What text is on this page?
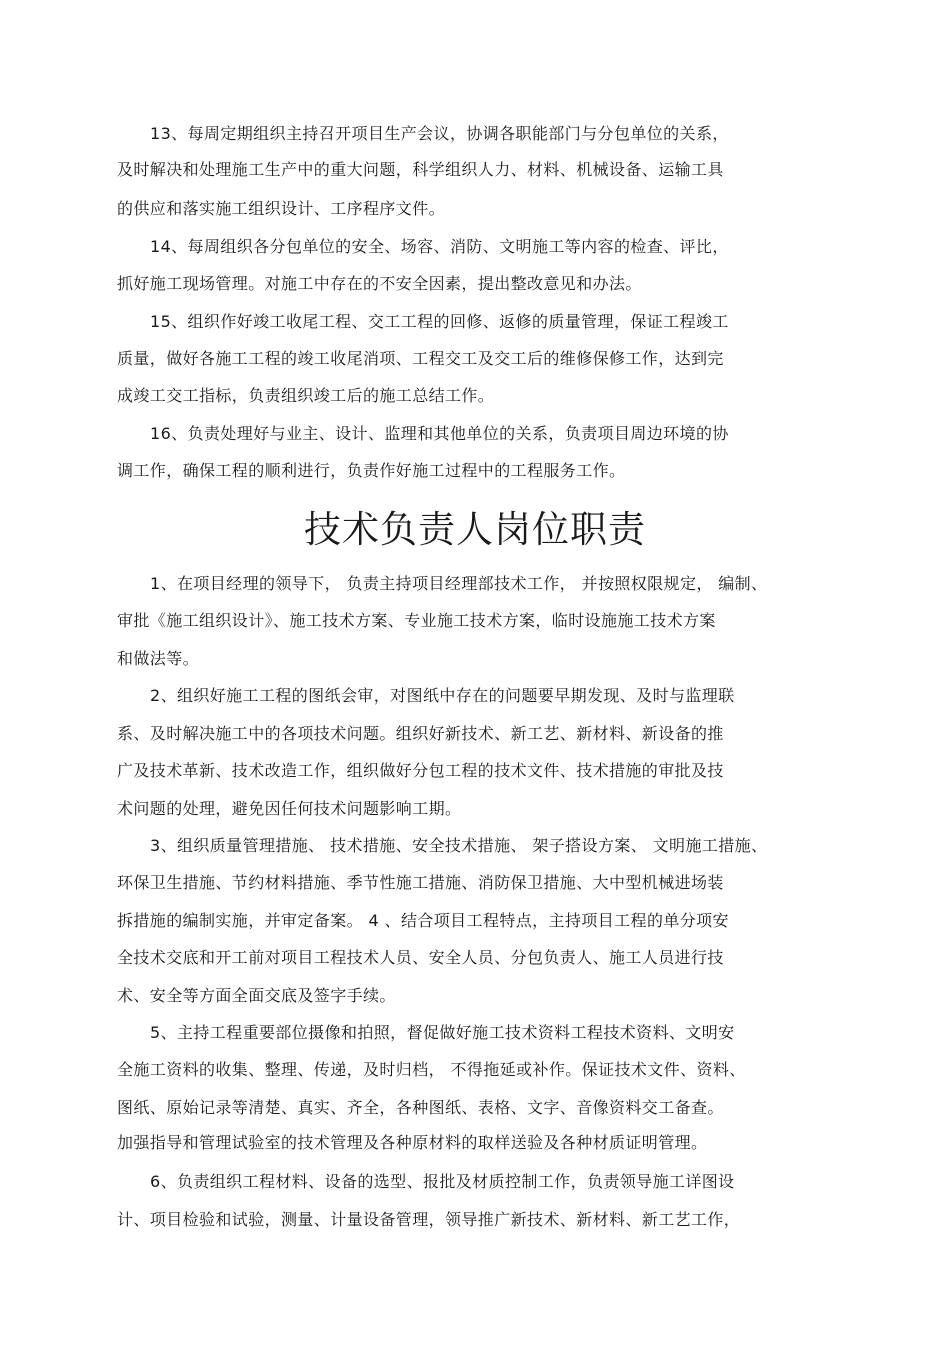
13、每周定期组织主持召开项目生产会议，协调各职能部门与分包单位的关系，
及时解决和处理施工生产中的重大问题，科学组织人力、材料、机械设备、运输工具
的供应和落实施工组织设计、工序程序文件。
14、每周组织各分包单位的安全、场容、消防、文明施工等内容的检查、评比，
抓好施工现场管理。对施工中存在的不安全因素，提出整改意见和办法。
15、组织作好竣工收尾工程、交工工程的回修、返修的质量管理，保证工程竣工
质量，做好各施工工程的竣工收尾消项、工程交工及交工后的维修保修工作，达到完
成竣工交工指标，负责组织竣工后的施工总结工作。
16、负责处理好与业主、设计、监理和其他单位的关系，负责项目周边环境的协
调工作，确保工程的顺利进行，负责作好施工过程中的工程服务工作。
技术负责人岗位职责
1、在项目经理的领导下， 负责主持项目经理部技术工作， 并按照权限规定， 编制、
审批《施工组织设计》、施工技术方案、专业施工技术方案，临时设施施工技术方案
和做法等。
2、组织好施工工程的图纸会审，对图纸中存在的问题要早期发现、及时与监理联
系、及时解决施工中的各项技术问题。组织好新技术、新工艺、新材料、新设备的推
广及技术革新、技术改造工作，组织做好分包工程的技术文件、技术措施的审批及技
术问题的处理，避免因任何技术问题影响工期。
3、组织质量管理措施、 技术措施、安全技术措施、 架子搭设方案、 文明施工措施、
环保卫生措施、节约材料措施、季节性施工措施、消防保卫措施、大中型机械进场装
拆措施的编制实施，并审定备案。 4 、结合项目工程特点，主持项目工程的单分项安
全技术交底和开工前对项目工程技术人员、安全人员、分包负责人、施工人员进行技
术、安全等方面全面交底及签字手续。
5、主持工程重要部位摄像和拍照，督促做好施工技术资料工程技术资料、文明安
全施工资料的收集、整理、传递，及时归档， 不得拖延或补作。保证技术文件、资料、
图纸、原始记录等清楚、真实、齐全，各种图纸、表格、文字、音像资料交工备查。
加强指导和管理试验室的技术管理及各种原材料的取样送验及各种材质证明管理。
6、负责组织工程材料、设备的选型、报批及材质控制工作，负责领导施工详图设
计、项目检验和试验，测量、计量设备管理，领导推广新技术、新材料、新工艺工作，
